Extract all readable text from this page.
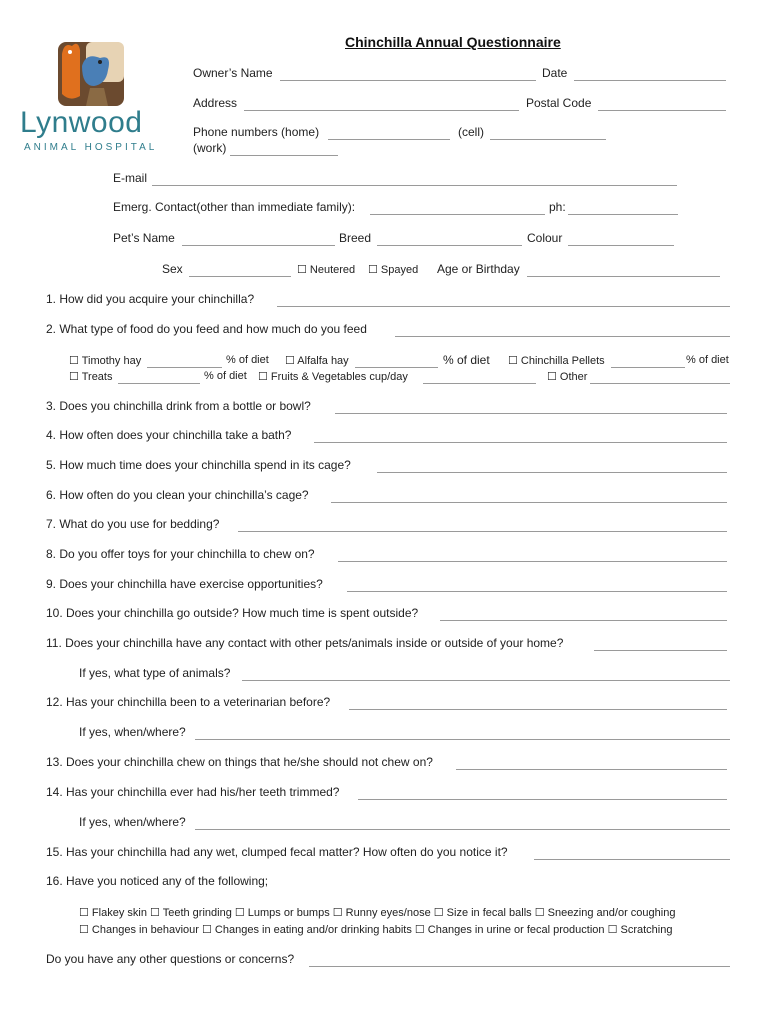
Lynwood
ANIMAL HOSPITAL
Chinchilla Annual Questionnaire
Owner’s Name	Date
Address	Postal Code
Phone numbers (home)	(cell)
(work)
E-mail
Emerg. Contact(other than immediate family):	ph:
Pet’s Name	Breed	Colour
Sex	☐ Neutered ☐ Spayed Age or Birthday
1. How did you acquire your chinchilla?
2. What type of food do you feed and how much do you feed
☐ Timothy hay	% of diet ☐ Alfalfa hay	% of diet ☐ Chinchilla Pellets	% of diet
☐ Treats	% of diet ☐ Fruits & Vegetables cup/day	☐ Other
3. Does you chinchilla drink from a bottle or bowl?
4. How often does your chinchilla take a bath?
5. How much time does your chinchilla spend in its cage?
6. How often do you clean your chinchilla’s cage?
7. What do you use for bedding?
8. Do you offer toys for your chinchilla to chew on?
9. Does your chinchilla have exercise opportunities?
10. Does your chinchilla go outside? How much time is spent outside?
11. Does your chinchilla have any contact with other pets/animals inside or outside of your home?
If yes, what type of animals?
12. Has your chinchilla been to a veterinarian before?
If yes, when/where?
13. Does your chinchilla chew on things that he/she should not chew on?
14. Has your chinchilla ever had his/her teeth trimmed?
If yes, when/where?
15. Has your chinchilla had any wet, clumped fecal matter? How often do you notice it?
16. Have you noticed any of the following;
☐ Flakey skin ☐ Teeth grinding ☐ Lumps or bumps ☐ Runny eyes/nose ☐ Size in fecal balls ☐ Sneezing and/or coughing
☐ Changes in behaviour ☐ Changes in eating and/or drinking habits ☐ Changes in urine or fecal production ☐ Scratching
Do you have any other questions or concerns?
